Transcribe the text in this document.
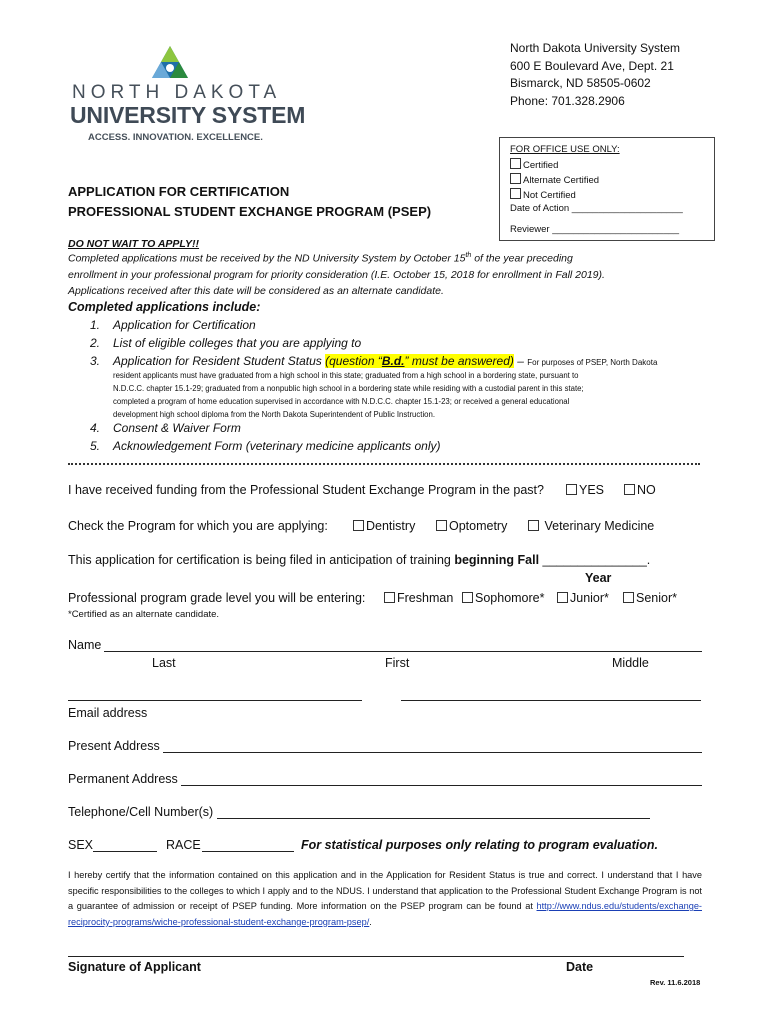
NORTH DAKOTA
UNIVERSITY SYSTEM
ACCESS. INNOVATION. EXCELLENCE.
North Dakota University System
600 E Boulevard Ave, Dept. 21
Bismarck, ND 58505-0602
Phone: 701.328.2906
FOR OFFICE USE ONLY:
Certified
Alternate Certified
Not Certified
Date of Action _____________________
Reviewer ________________________
APPLICATION FOR CERTIFICATION
PROFESSIONAL STUDENT EXCHANGE PROGRAM (PSEP)
DO NOT WAIT TO APPLY!!
Completed applications must be received by the ND University System by October 15th of the year preceding
enrollment in your professional program for priority consideration (I.E. October 15, 2018 for enrollment in Fall 2019).
Applications received after this date will be considered as an alternate candidate.
Completed applications include:
1. Application for Certification
2. List of eligible colleges that you are applying to
3. Application for Resident Student Status (question “B.d.” must be answered) – For purposes of PSEP, North Dakota
resident applicants must have graduated from a high school in this state; graduated from a high school in a bordering state, pursuant to
N.D.C.C. chapter 15.1-29; graduated from a nonpublic high school in a bordering state while residing with a custodial parent in this state;
completed a program of home education supervised in accordance with N.D.C.C. chapter 15.1-23; or received a general educational
development high school diploma from the North Dakota Superintendent of Public Instruction.
4. Consent & Waiver Form
5. Acknowledgement Form (veterinary medicine applicants only)
I have received funding from the Professional Student Exchange Program in the past?	YES	NO
Check the Program for which you are applying:	Dentistry	Optometry	Veterinary Medicine
This application for certification is being filed in anticipation of training beginning Fall _______________.
Year
Professional program grade level you will be entering:	Freshman	Sophomore*	Junior*	Senior*
*Certified as an alternate candidate.
Name
Last	First	Middle
Email address
Present Address
Permanent Address
Telephone/Cell Number(s)
SEX	RACE	For statistical purposes only relating to program evaluation.
I hereby certify that the information contained on this application and in the Application for Resident Status is true and correct. I understand that I have specific responsibilities to the colleges to which I apply and to the NDUS. I understand that application to the Professional Student Exchange Program is not a guarantee of admission or receipt of PSEP funding. More information on the PSEP program can be found at http://www.ndus.edu/students/exchange-reciprocity-programs/wiche-professional-student-exchange-program-psep/.
Signature of Applicant	Date
Rev. 11.6.2018
